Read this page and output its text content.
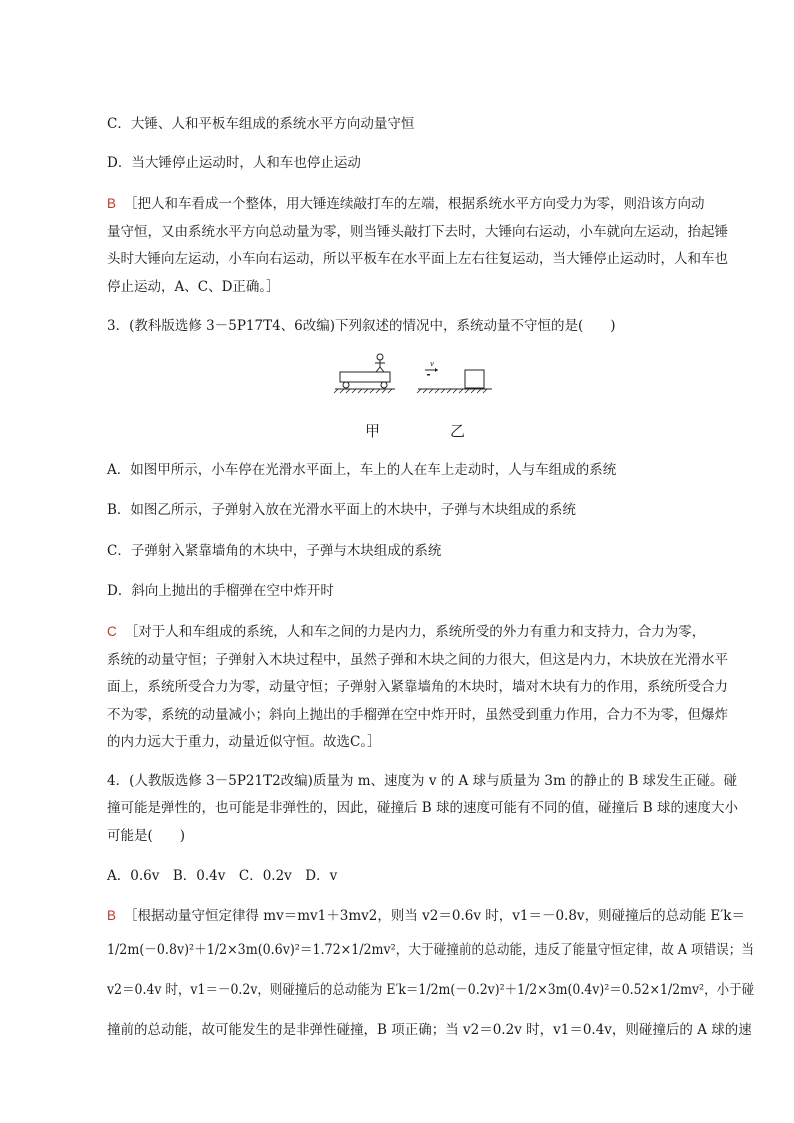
C．大锤、人和平板车组成的系统水平方向动量守恒
D．当大锤停止运动时，人和车也停止运动
B ［把人和车看成一个整体，用大锤连续敲打车的左端，根据系统水平方向受力为零，则沿该方向动
量守恒，又由系统水平方向总动量为零，则当锤头敲打下去时，大锤向右运动，小车就向左运动，抬起锤
头时大锤向左运动，小车向右运动，所以平板车在水平面上左右往复运动，当大锤停止运动时，人和车也
停止运动，A、C、D正确。］
3．(教科版选修 3－5P17T4、6改编)下列叙述的情况中，系统动量不守恒的是(　　)
v
甲	乙
A．如图甲所示，小车停在光滑水平面上，车上的人在车上走动时，人与车组成的系统
B．如图乙所示，子弹射入放在光滑水平面上的木块中，子弹与木块组成的系统
C．子弹射入紧靠墙角的木块中，子弹与木块组成的系统
D．斜向上抛出的手榴弹在空中炸开时
C ［对于人和车组成的系统，人和车之间的力是内力，系统所受的外力有重力和支持力，合力为零，
系统的动量守恒；子弹射入木块过程中，虽然子弹和木块之间的力很大，但这是内力，木块放在光滑水平
面上，系统所受合力为零，动量守恒；子弹射入紧靠墙角的木块时，墙对木块有力的作用，系统所受合力
不为零，系统的动量减小；斜向上抛出的手榴弹在空中炸开时，虽然受到重力作用，合力不为零，但爆炸
的内力远大于重力，动量近似守恒。故选C。］
4．(人教版选修 3－5P21T2改编)质量为 m、速度为 v 的 A 球与质量为 3m 的静止的 B 球发生正碰。碰
撞可能是弹性的，也可能是非弹性的，因此，碰撞后 B 球的速度可能有不同的值，碰撞后 B 球的速度大小
可能是(　　)
A．0.6v　B．0.4v　C．0.2v　D．v
B ［根据动量守恒定律得 mv＝mv1＋3mv2，则当 v2＝0.6v 时，v1＝－0.8v，则碰撞后的总动能 E′k＝
1/2m(－0.8v)²＋1/2×3m(0.6v)²＝1.72×1/2mv²，大于碰撞前的总动能，违反了能量守恒定律，故 A 项错误；当
v2＝0.4v 时，v1＝－0.2v，则碰撞后的总动能为 E′k＝1/2m(－0.2v)²＋1/2×3m(0.4v)²＝0.52×1/2mv²，小于碰
撞前的总动能，故可能发生的是非弹性碰撞，B 项正确；当 v2＝0.2v 时，v1＝0.4v，则碰撞后的 A 球的速
